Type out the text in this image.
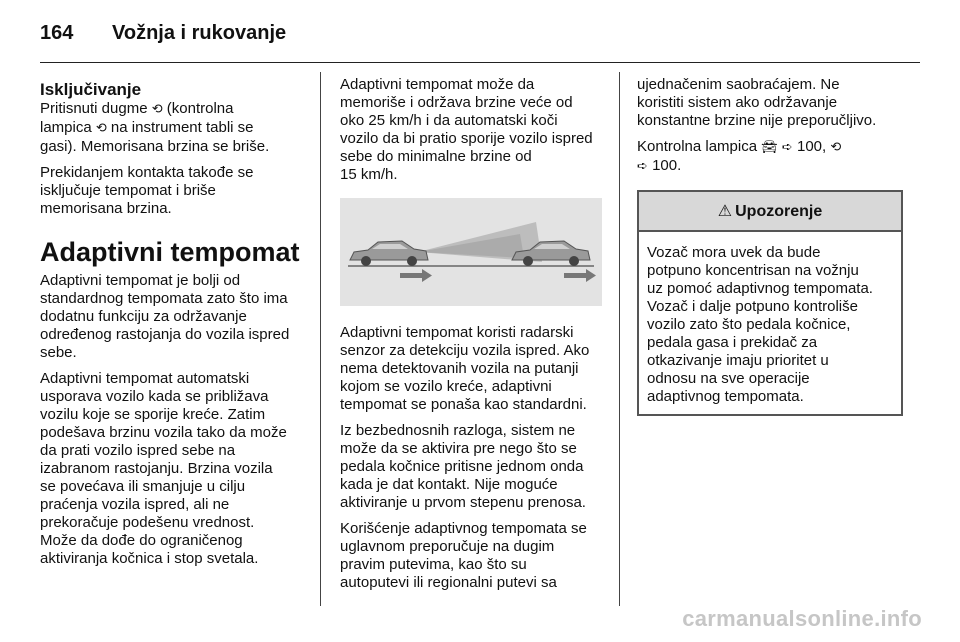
164 Vožnja i rukovanje
Isključivanje

Pritisnuti dugme ⟲ (kontrolna
lampica ⟲ na instrument tabli se
gasi). Memorisana brzina se briše.

Prekidanjem kontakta takođe se
isključuje tempomat i briše
memorisana brzina.

Adaptivni tempomat

Adaptivni tempomat je bolji od
standardnog tempomata zato što ima
dodatnu funkciju za održavanje
određenog rastojanja do vozila ispred
sebe.

Adaptivni tempomat automatski
usporava vozilo kada se približava
vozilu koje se sporije kreće. Zatim
podešava brzinu vozila tako da može
da prati vozilo ispred sebe na
izabranom rastojanju. Brzina vozila
se povećava ili smanjuje u cilju
praćenja vozila ispred, ali ne
prekoračuje podešenu vrednost.
Može da dođe do ograničenog
aktiviranja kočnica i stop svetala.

Adaptivni tempomat može da
memoriše i održava brzine veće od
oko 25 km/h i da automatski koči
vozilo da bi pratio sporije vozilo ispred
sebe do minimalne brzine od
15 km/h.

Adaptivni tempomat koristi radarski
senzor za detekciju vozila ispred. Ako
nema detektovanih vozila na putanji
kojom se vozilo kreće, adaptivni
tempomat se ponaša kao standardni.

Iz bezbednosnih razloga, sistem ne
može da se aktivira pre nego što se
pedala kočnice pritisne jednom onda
kada je dat kontakt. Nije moguće
aktiviranje u prvom stepenu prenosa.

Korišćenje adaptivnog tempomata se
uglavnom preporučuje na dugim
pravim putevima, kao što su
autoputevi ili regionalni putevi sa

ujednačenim saobraćajem. Ne
koristiti sistem ako održavanje
konstantne brzine nije preporučljivo.

Kontrolna lampica 🚘︎ ➪ 100, ⟲
➪ 100.

⚠ Upozorenje
Vozač mora uvek da bude
potpuno koncentrisan na vožnju
uz pomoć adaptivnog tempomata.
Vozač i dalje potpuno kontroliše
vozilo zato što pedala kočnice,
pedala gasa i prekidač za
otkazivanje imaju prioritet u
odnosu na sve operacije
adaptivnog tempomata.
carmanualsonline.info
